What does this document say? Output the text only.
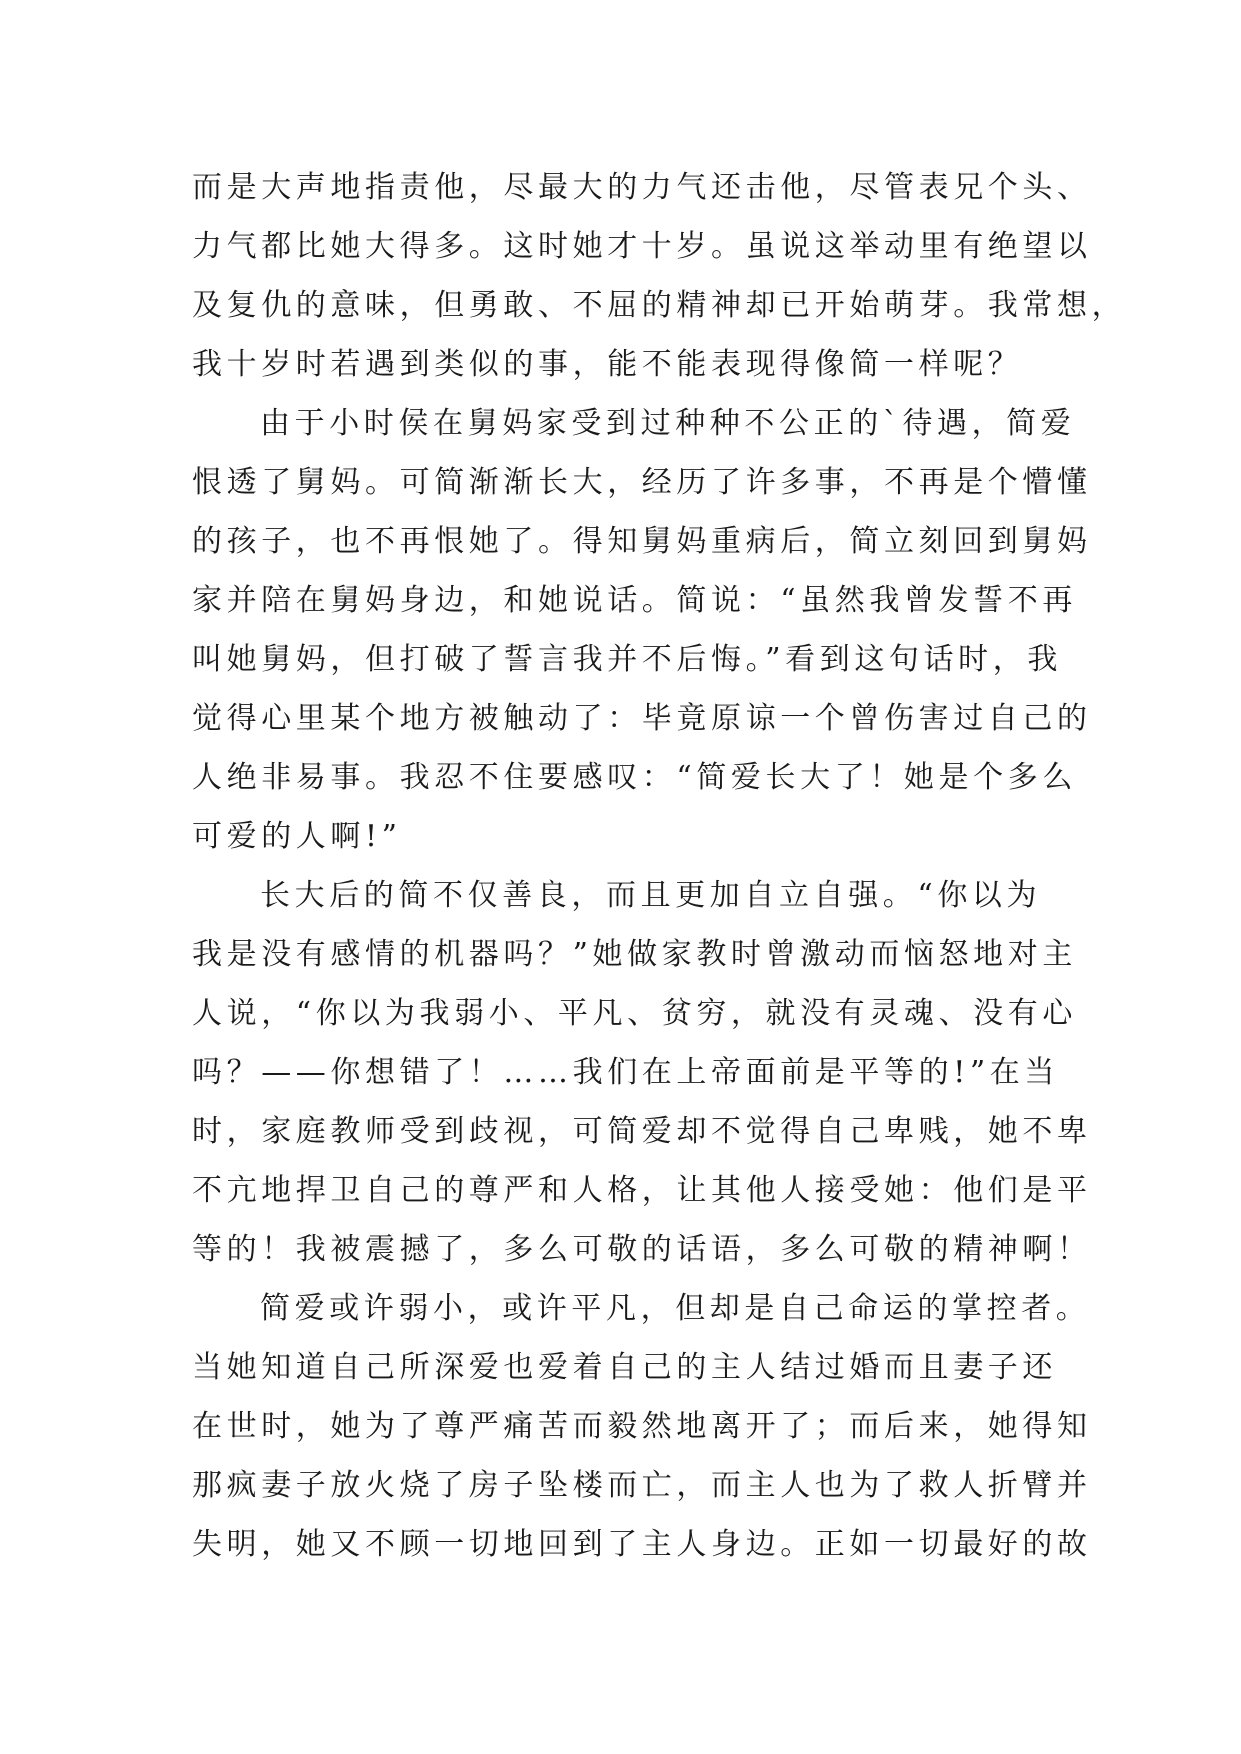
而是大声地指责他，尽最大的力气还击他，尽管表兄个头、
力气都比她大得多。这时她才十岁。虽说这举动里有绝望以
及复仇的意味，但勇敢、不屈的精神却已开始萌芽。我常想，
我十岁时若遇到类似的事，能不能表现得像简一样呢？
由于小时侯在舅妈家受到过种种不公正的`待遇，简爱
恨透了舅妈。可简渐渐长大，经历了许多事，不再是个懵懂
的孩子，也不再恨她了。得知舅妈重病后，简立刻回到舅妈
家并陪在舅妈身边，和她说话。简说：“虽然我曾发誓不再
叫她舅妈，但打破了誓言我并不后悔。”看到这句话时，我
觉得心里某个地方被触动了：毕竟原谅一个曾伤害过自己的
人绝非易事。我忍不住要感叹：“简爱长大了！她是个多么
可爱的人啊!”
长大后的简不仅善良，而且更加自立自强。“你以为
我是没有感情的机器吗？”她做家教时曾激动而恼怒地对主
人说，“你以为我弱小、平凡、贫穷，就没有灵魂、没有心
吗？——你想错了！……我们在上帝面前是平等的!”在当
时，家庭教师受到歧视，可简爱却不觉得自己卑贱，她不卑
不亢地捍卫自己的尊严和人格，让其他人接受她：他们是平
等的！我被震撼了，多么可敬的话语，多么可敬的精神啊！
简爱或许弱小，或许平凡，但却是自己命运的掌控者。
当她知道自己所深爱也爱着自己的主人结过婚而且妻子还
在世时，她为了尊严痛苦而毅然地离开了；而后来，她得知
那疯妻子放火烧了房子坠楼而亡，而主人也为了救人折臂并
失明，她又不顾一切地回到了主人身边。正如一切最好的故
